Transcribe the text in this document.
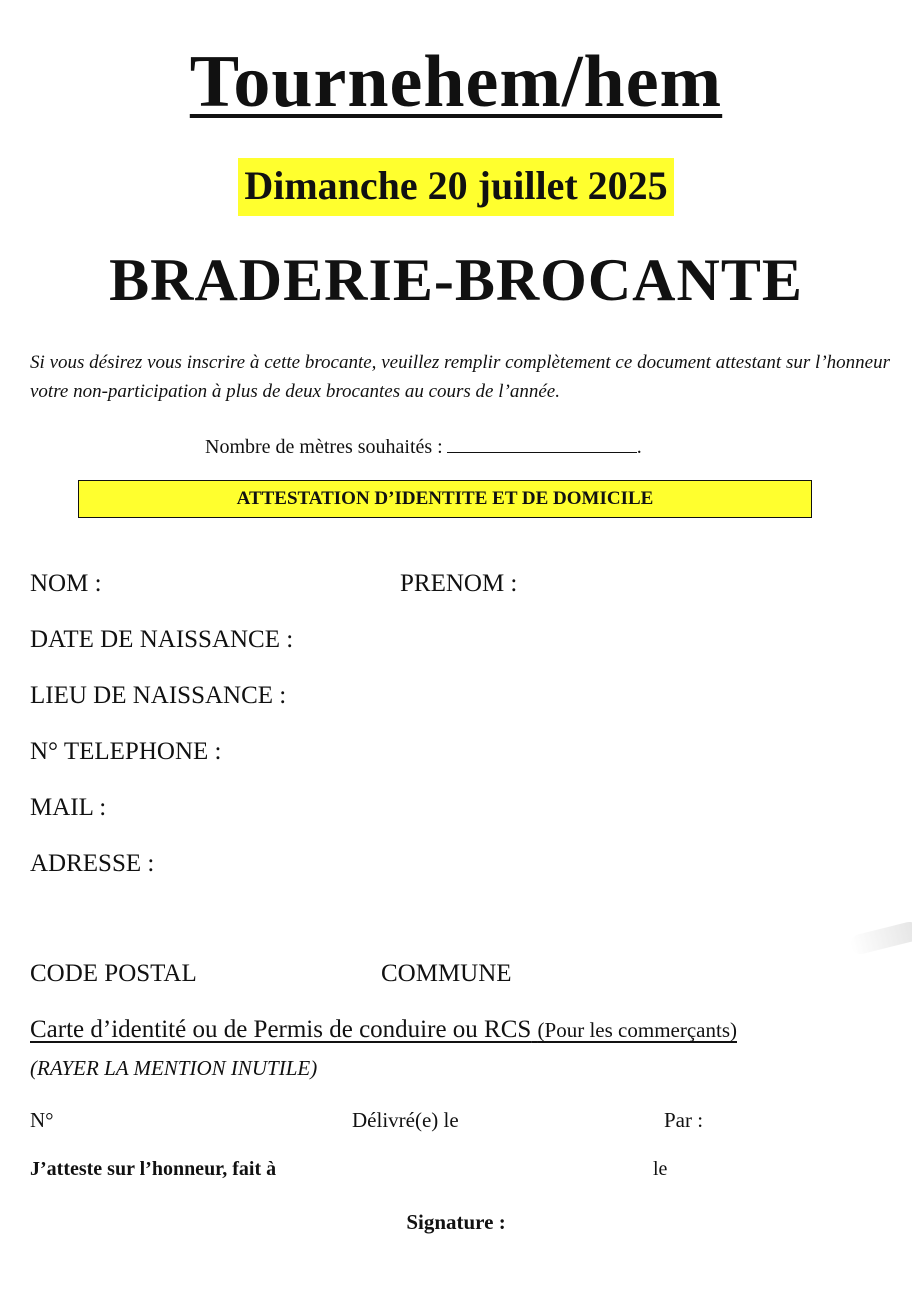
Tournehem/hem
Dimanche 20 juillet 2025
BRADERIE-BROCANTE
Si vous désirez vous inscrire à cette brocante, veuillez remplir complètement ce document attestant sur l’honneur votre non-participation à plus de deux brocantes au cours de l’année.
Nombre de mètres souhaités :	.
ATTESTATION D’IDENTITE ET DE DOMICILE
NOM :	PRENOM :
DATE DE NAISSANCE :
LIEU DE NAISSANCE :
N° TELEPHONE :
MAIL :
ADRESSE :
CODE POSTAL	COMMUNE
Carte d’identité ou de Permis de conduire ou RCS (Pour les commerçants)
(RAYER LA MENTION INUTILE)
N°	Délivré(e) le	Par :
J’atteste sur l’honneur, fait à	le
Signature :
